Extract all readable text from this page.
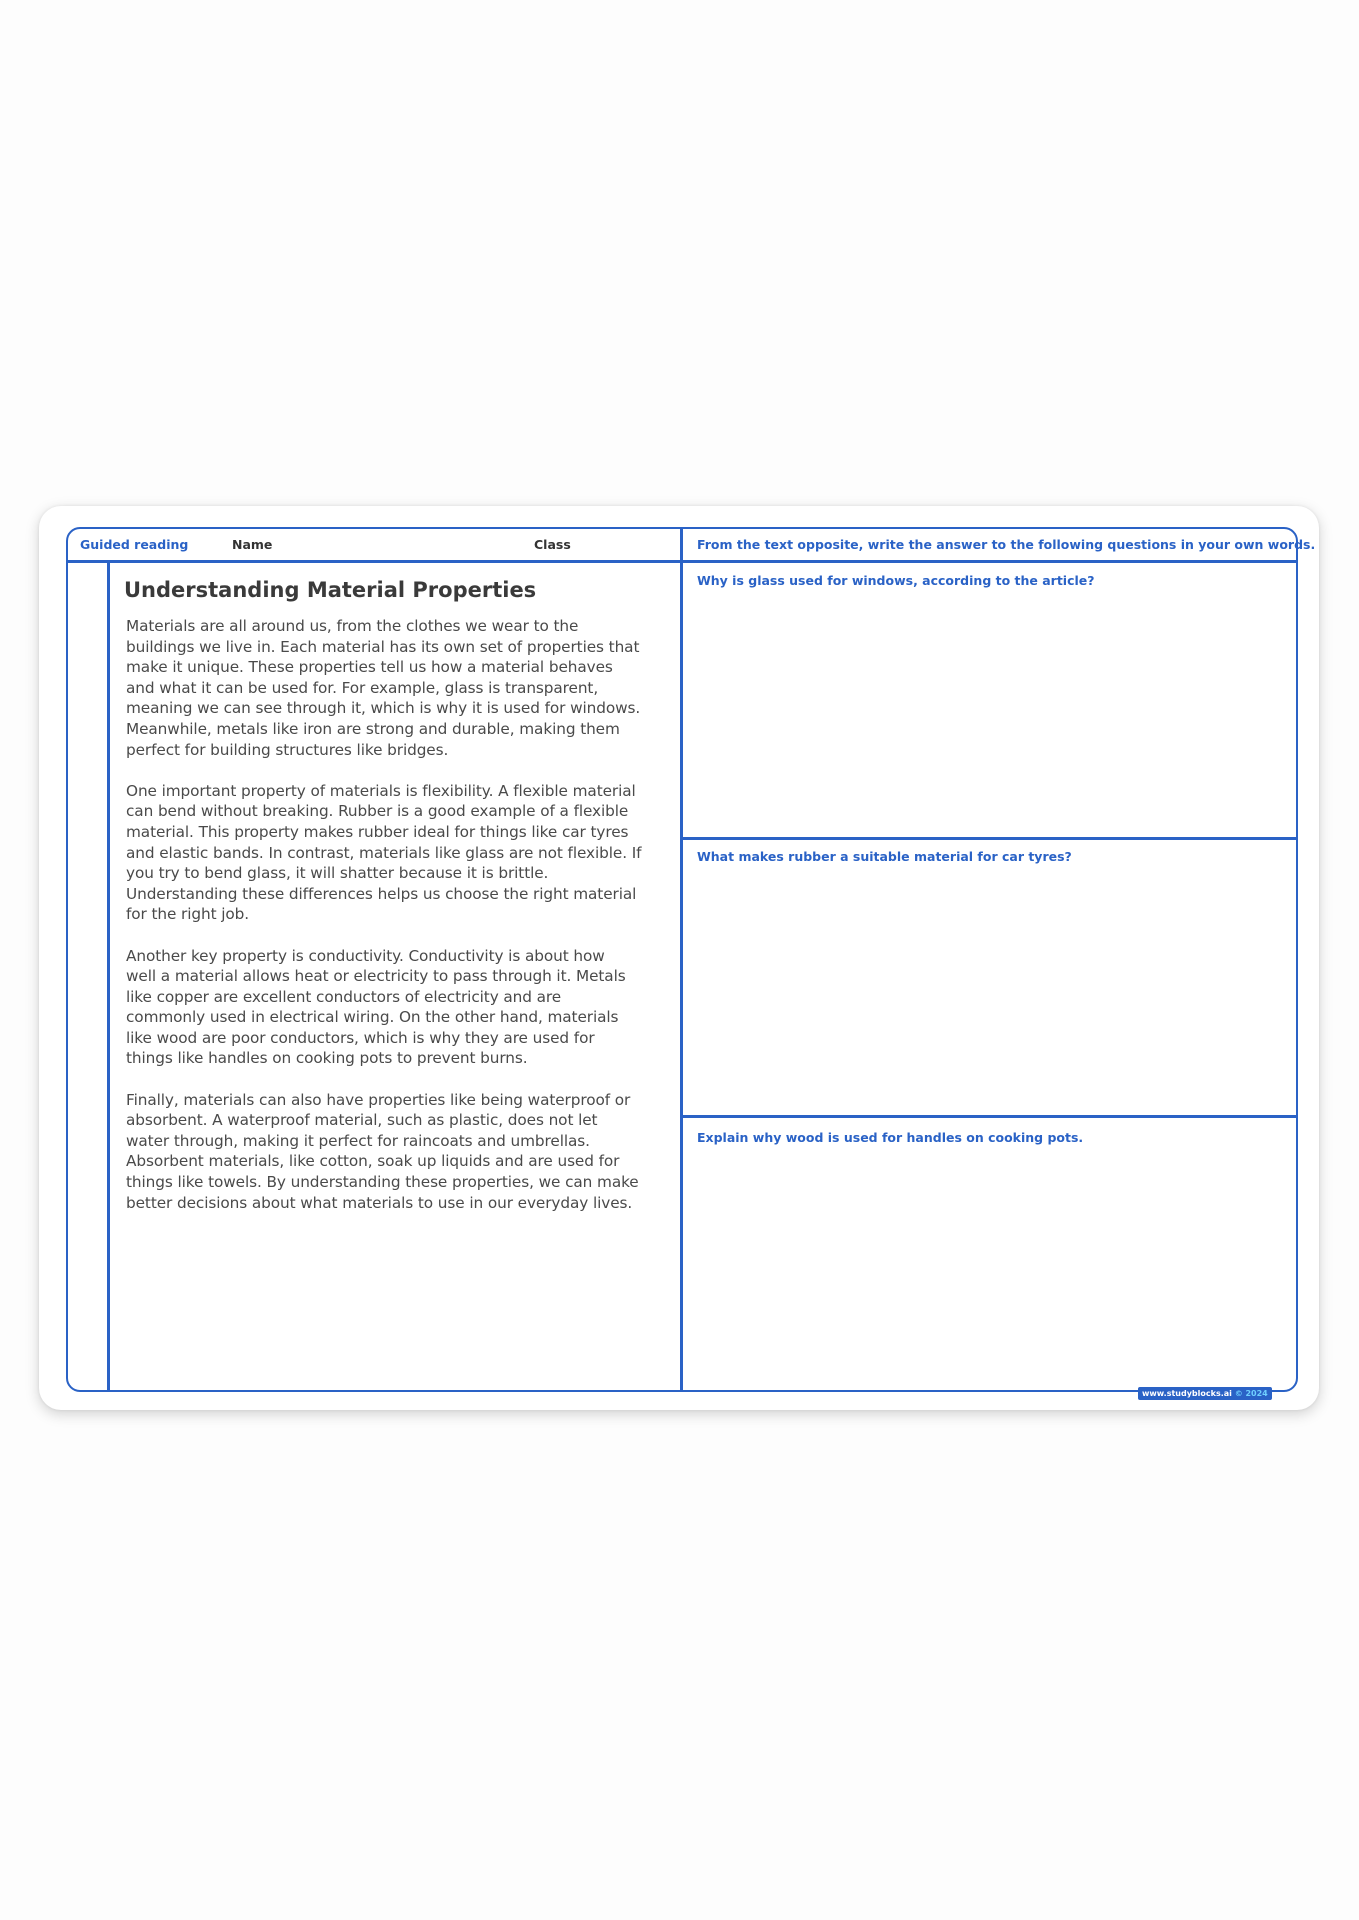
Guided reading	Name	Class	From the text opposite, write the answer to the following questions in your own words.
Understanding Material Properties

Materials are all around us, from the clothes we wear to the
buildings we live in. Each material has its own set of properties that
make it unique. These properties tell us how a material behaves
and what it can be used for. For example, glass is transparent,
meaning we can see through it, which is why it is used for windows.
Meanwhile, metals like iron are strong and durable, making them
perfect for building structures like bridges.

One important property of materials is flexibility. A flexible material
can bend without breaking. Rubber is a good example of a flexible
material. This property makes rubber ideal for things like car tyres
and elastic bands. In contrast, materials like glass are not flexible. If
you try to bend glass, it will shatter because it is brittle.
Understanding these differences helps us choose the right material
for the right job.

Another key property is conductivity. Conductivity is about how
well a material allows heat or electricity to pass through it. Metals
like copper are excellent conductors of electricity and are
commonly used in electrical wiring. On the other hand, materials
like wood are poor conductors, which is why they are used for
things like handles on cooking pots to prevent burns.

Finally, materials can also have properties like being waterproof or
absorbent. A waterproof material, such as plastic, does not let
water through, making it perfect for raincoats and umbrellas.
Absorbent materials, like cotton, soak up liquids and are used for
things like towels. By understanding these properties, we can make
better decisions about what materials to use in our everyday lives.

Why is glass used for windows, according to the article?
What makes rubber a suitable material for car tyres?
Explain why wood is used for handles on cooking pots.
www.studyblocks.ai © 2024
